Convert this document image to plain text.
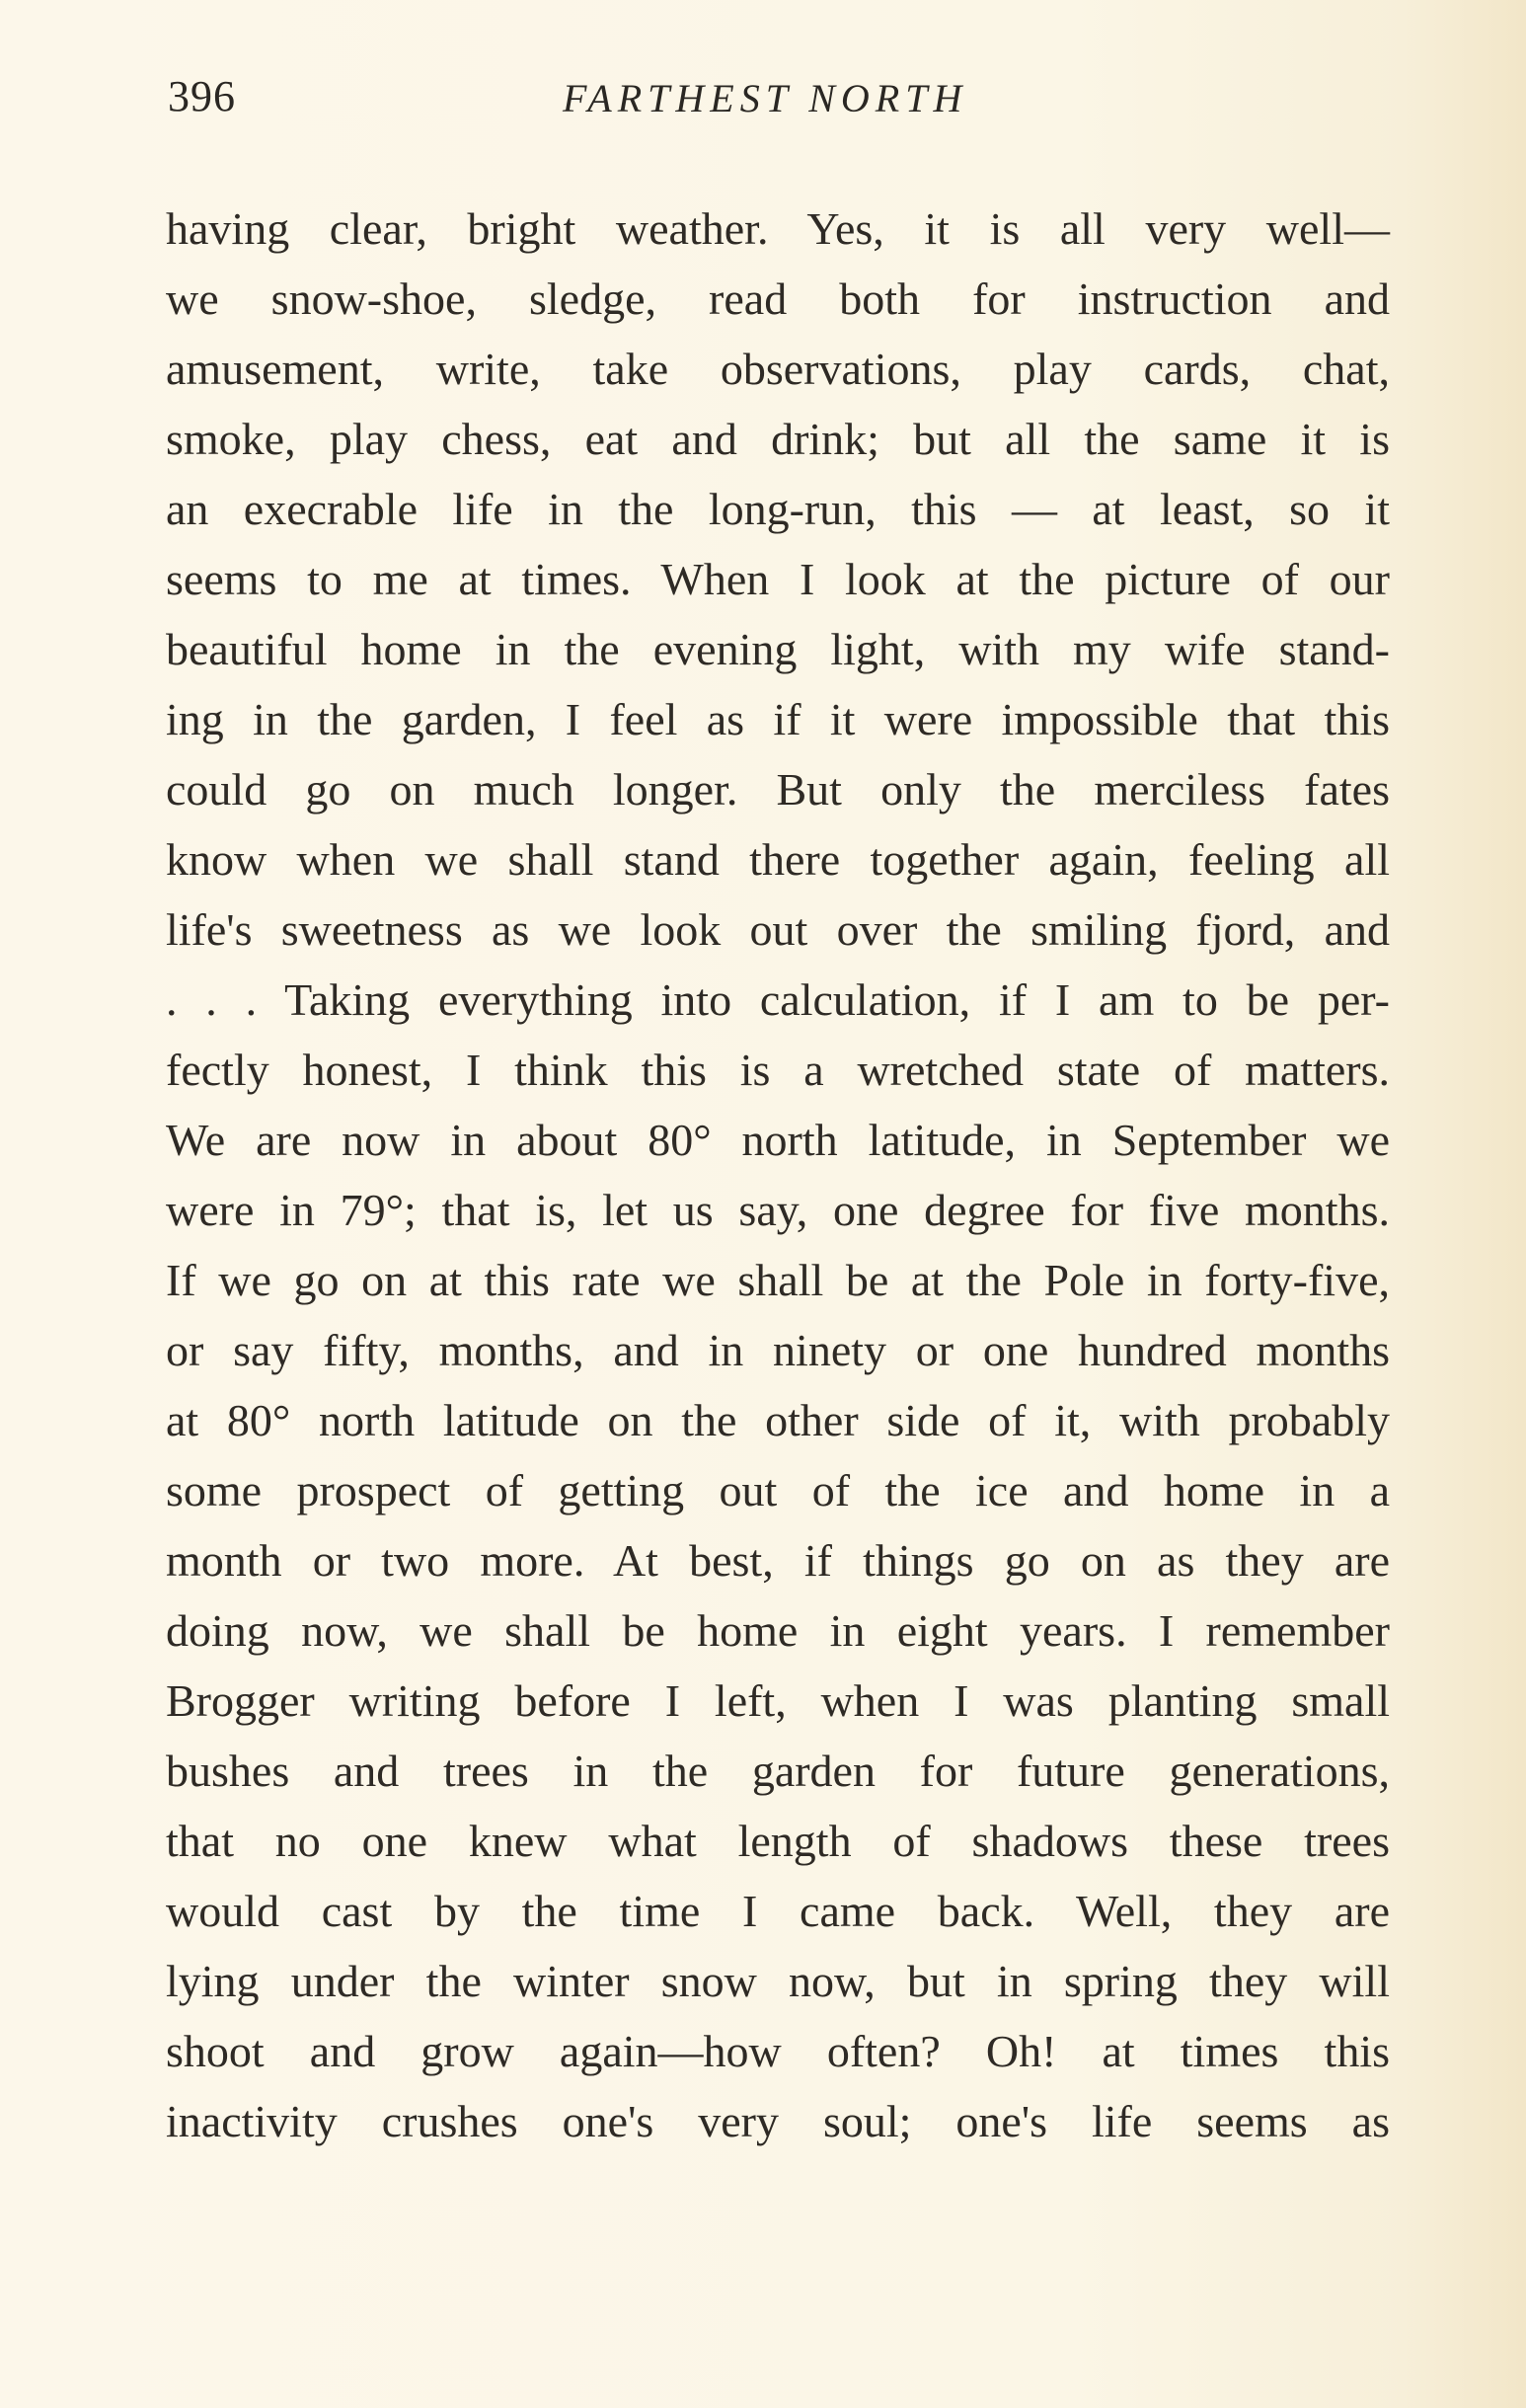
396	FARTHEST NORTH
having clear, bright weather. Yes, it is all very well—
we snow-shoe, sledge, read both for instruction and
amusement, write, take observations, play cards, chat,
smoke, play chess, eat and drink; but all the same it is
an execrable life in the long-run, this — at least, so it
seems to me at times. When I look at the picture of our
beautiful home in the evening light, with my wife stand-
ing in the garden, I feel as if it were impossible that this
could go on much longer. But only the merciless fates
know when we shall stand there together again, feeling all
life's sweetness as we look out over the smiling fjord, and
. . . Taking everything into calculation, if I am to be per-
fectly honest, I think this is a wretched state of matters.
We are now in about 80° north latitude, in September we
were in 79°; that is, let us say, one degree for five months.
If we go on at this rate we shall be at the Pole in forty-five,
or say fifty, months, and in ninety or one hundred months
at 80° north latitude on the other side of it, with probably
some prospect of getting out of the ice and home in a
month or two more. At best, if things go on as they are
doing now, we shall be home in eight years. I remember
Brogger writing before I left, when I was planting small
bushes and trees in the garden for future generations,
that no one knew what length of shadows these trees
would cast by the time I came back. Well, they are
lying under the winter snow now, but in spring they will
shoot and grow again—how often? Oh! at times this
inactivity crushes one's very soul; one's life seems as
